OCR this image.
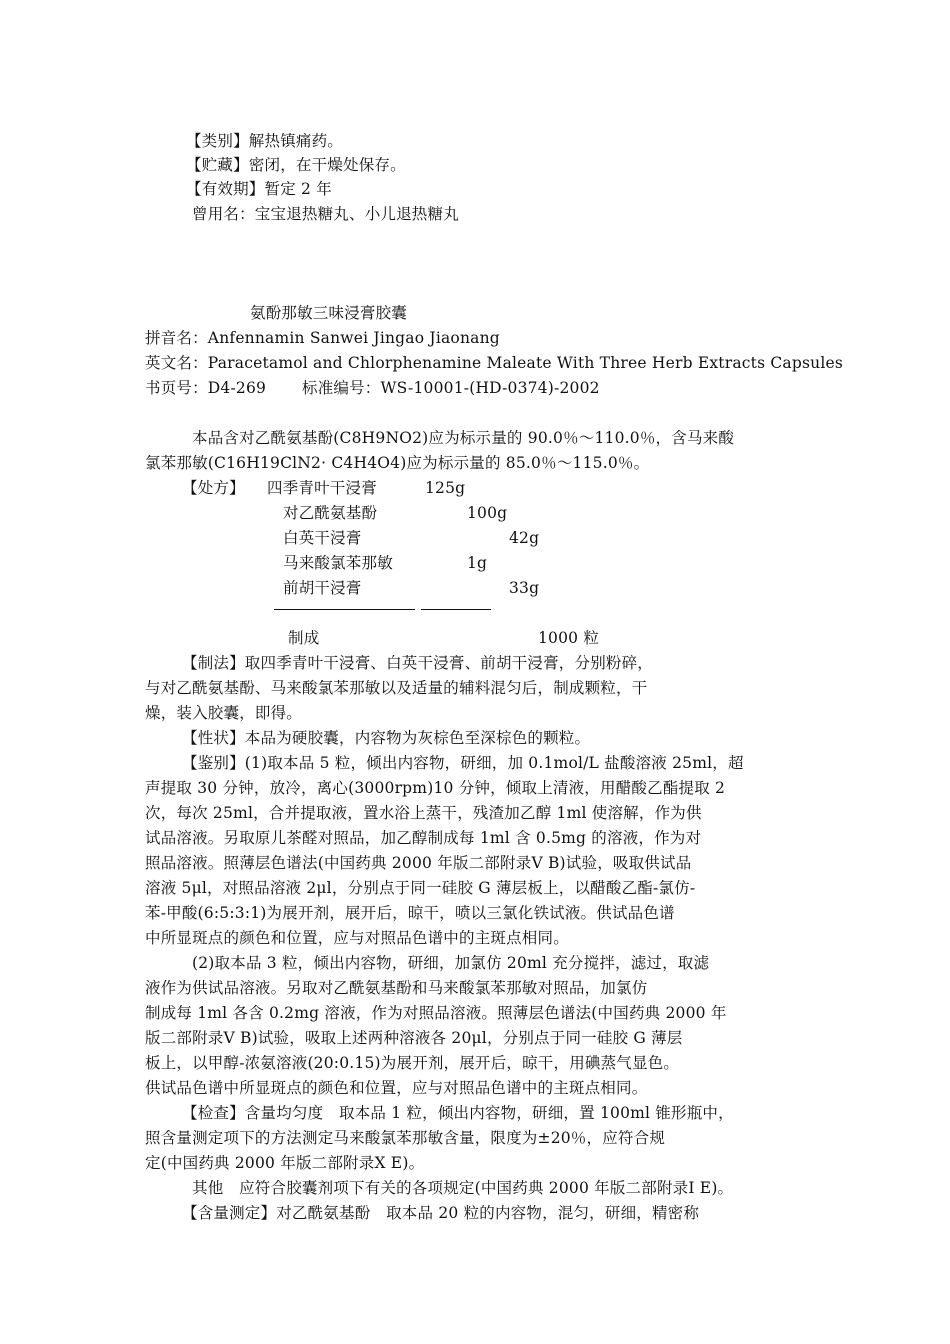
【类别】解热镇痛药。
【贮藏】密闭，在干燥处保存。
【有效期】暂定 2 年
曾用名：宝宝退热糖丸、小儿退热糖丸
氨酚那敏三味浸膏胶囊
拼音名：Anfennamin Sanwei Jingao Jiaonang
英文名：Paracetamol and Chlorphenamine Maleate With Three Herb Extracts Capsules
书页号：D4-269 标准编号：WS-10001-(HD-0374)-2002
本品含对乙酰氨基酚(C8H9NO2)应为标示量的 90.0％～110.0％，含马来酸
氯苯那敏(C16H19ClN2· C4H4O4)应为标示量的 85.0％～115.0％。
【处方】 四季青叶干浸膏	125g
对乙酰氨基酚	100g
白英干浸膏	42g
马来酸氯苯那敏	1g
前胡干浸膏	33g
制成	1000 粒
【制法】取四季青叶干浸膏、白英干浸膏、前胡干浸膏，分别粉碎，
与对乙酰氨基酚、马来酸氯苯那敏以及适量的辅料混匀后，制成颗粒，干
燥，装入胶囊，即得。
【性状】本品为硬胶囊，内容物为灰棕色至深棕色的颗粒。
【鉴别】(1)取本品 5 粒，倾出内容物，研细，加 0.1mol/L 盐酸溶液 25ml，超
声提取 30 分钟，放冷，离心(3000rpm)10 分钟，倾取上清液，用醋酸乙酯提取 2
次，每次 25ml，合并提取液，置水浴上蒸干，残渣加乙醇 1ml 使溶解，作为供
试品溶液。另取原儿茶醛对照品，加乙醇制成每 1ml 含 0.5mg 的溶液，作为对
照品溶液。照薄层色谱法(中国药典 2000 年版二部附录Ⅴ B)试验，吸取供试品
溶液 5μl，对照品溶液 2μl，分别点于同一硅胶 G 薄层板上，以醋酸乙酯-氯仿-
苯-甲酸(6:5:3:1)为展开剂，展开后，晾干，喷以三氯化铁试液。供试品色谱
中所显斑点的颜色和位置，应与对照品色谱中的主斑点相同。
(2)取本品 3 粒，倾出内容物，研细，加氯仿 20ml 充分搅拌，滤过，取滤
液作为供试品溶液。另取对乙酰氨基酚和马来酸氯苯那敏对照品，加氯仿
制成每 1ml 各含 0.2mg 溶液，作为对照品溶液。照薄层色谱法(中国药典 2000 年
版二部附录Ⅴ B)试验，吸取上述两种溶液各 20μl，分别点于同一硅胶 G 薄层
板上，以甲醇-浓氨溶液(20:0.15)为展开剂，展开后，晾干，用碘蒸气显色。
供试品色谱中所显斑点的颜色和位置，应与对照品色谱中的主斑点相同。
【检查】含量均匀度　取本品 1 粒，倾出内容物，研细，置 100ml 锥形瓶中，
照含量测定项下的方法测定马来酸氯苯那敏含量，限度为±20％，应符合规
定(中国药典 2000 年版二部附录Ⅹ E)。
其他　应符合胶囊剂项下有关的各项规定(中国药典 2000 年版二部附录Ⅰ E)。
【含量测定】对乙酰氨基酚　取本品 20 粒的内容物，混匀，研细，精密称
